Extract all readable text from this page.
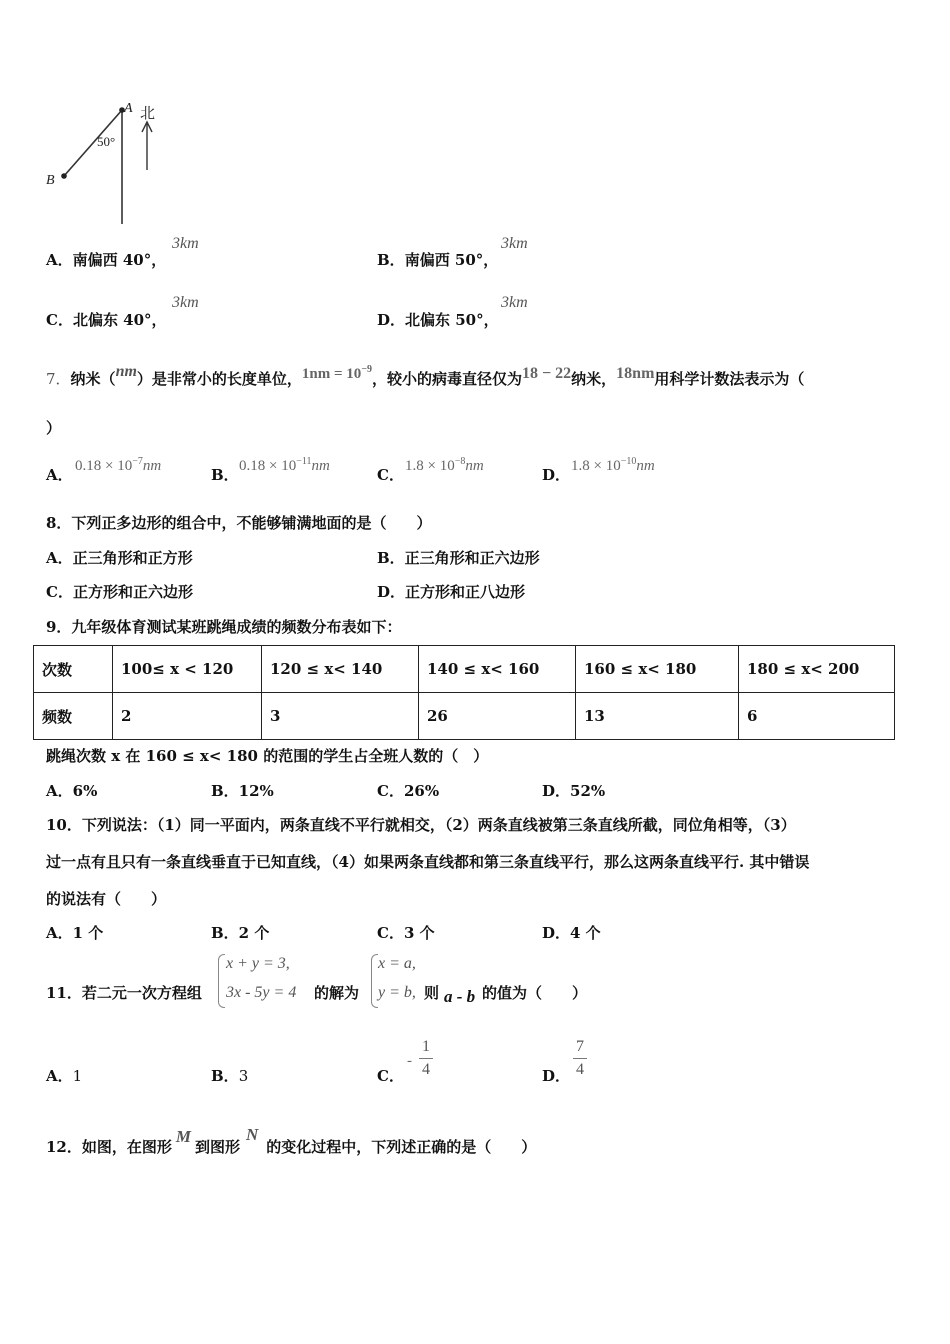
A
B
北
50°
A．南偏西 40°，
3km
B．南偏西 50°，
3km
C．北偏东 40°，
3km
D．北偏东 50°，
3km
7．纳米（nm）是非常小的长度单位，$1nm = 10^{-9}$，较小的病毒直径仅为18 − 22纳米，18nm用科学计数法表示为（
）
A． $0.18 \times 10^{-7}nm$	B． $0.18 \times 10^{-11}nm$	C． $1.8 \times 10^{-8}nm$	D． $1.8 \times 10^{-10}nm$
8．下列正多边形的组合中，不能够铺满地面的是（　　）
A．正三角形和正方形	B．正三角形和正六边形
C．正方形和正六边形	D．正方形和正八边形
9．九年级体育测试某班跳绳成绩的频数分布表如下：
次数	100≤ x < 120	120 ≤ x< 140	140 ≤ x< 160	160 ≤ x< 180	180 ≤ x< 200
频数	2	3	26	13	6
跳绳次数 x 在 160 ≤ x< 180 的范围的学生占全班人数的（　）
A．6%	B．12%	C．26%	D．52%
10．下列说法：（1）同一平面内，两条直线不平行就相交，（2）两条直线被第三条直线所截，同位角相等，（3）
过一点有且只有一条直线垂直于已知直线，（4）如果两条直线都和第三条直线平行，那么这两条直线平行. 其中错误
的说法有（　　）
A．1 个	B．2 个	C．3 个	D．4 个
11．若二元一次方程组
x + y = 3,
3x - 5y = 4 的解为
x = a,
y = b, 则 a - b 的值为（　　）
A．1	B．3	C．
-
1
4	D．
7
4
12．如图，在图形M到图形N的变化过程中，下列述正确的是（　　）
